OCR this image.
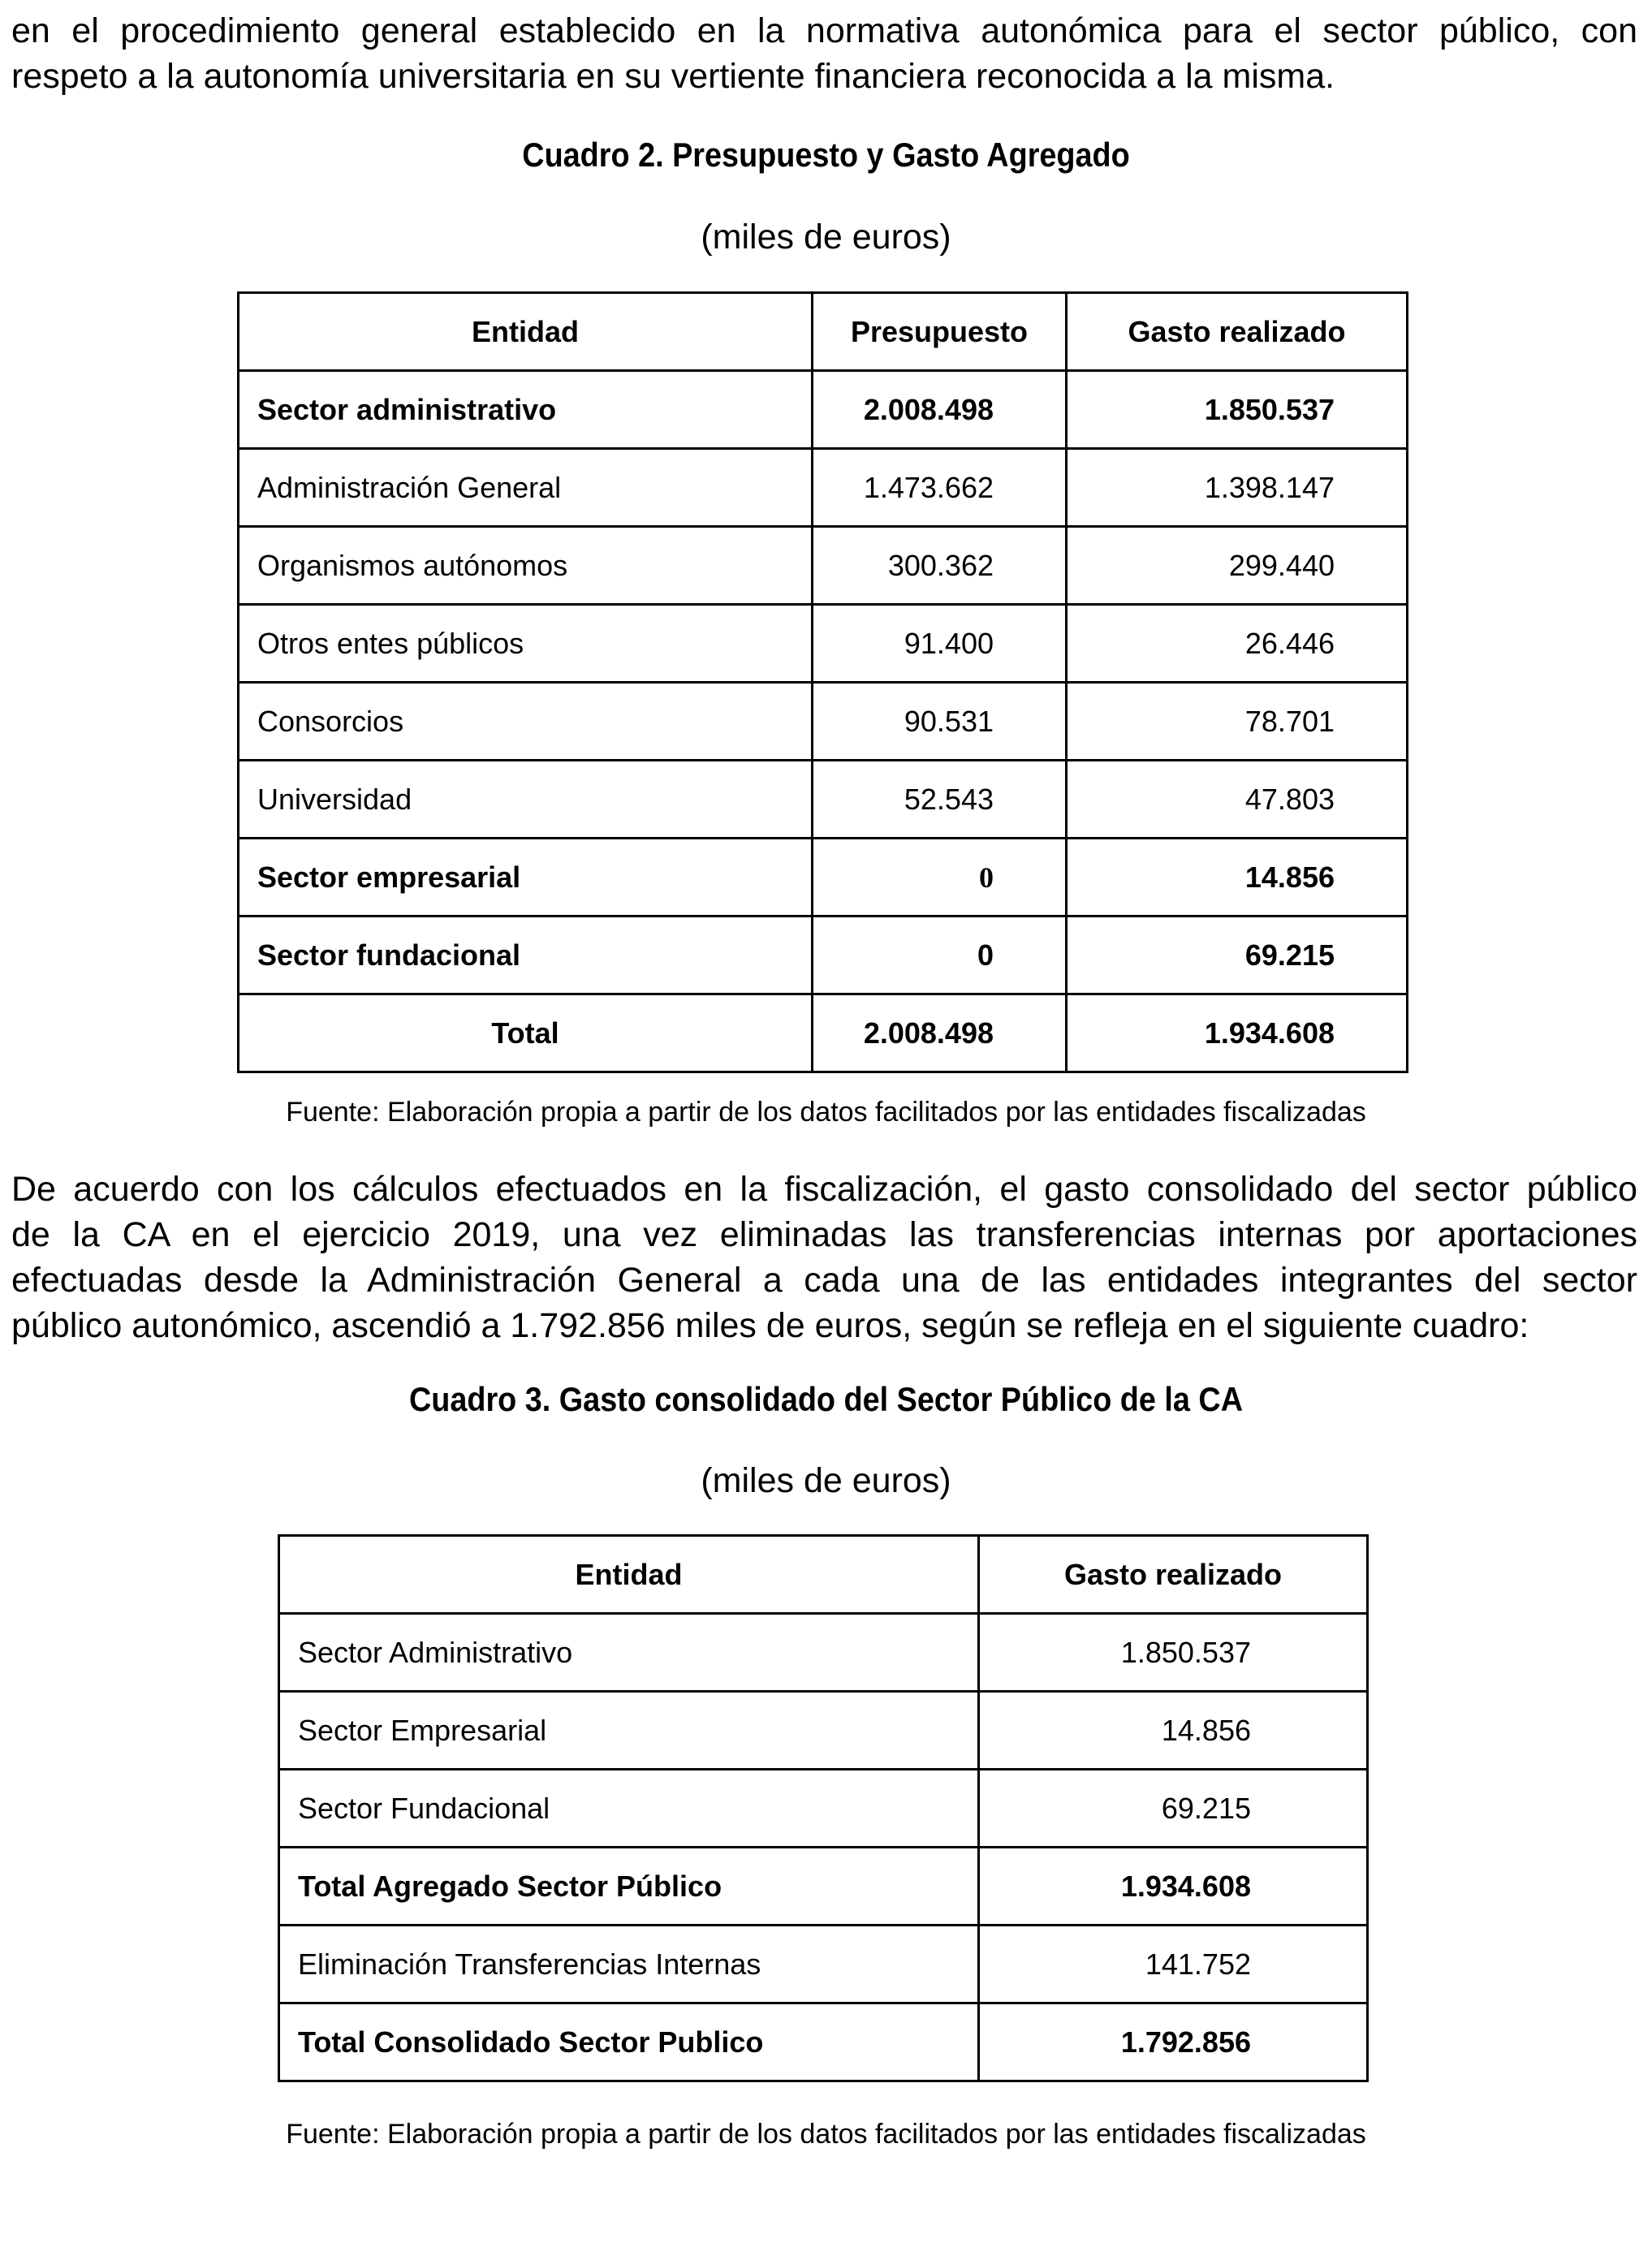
en el procedimiento general establecido en la normativa autonómica para el sector público, con
respeto a la autonomía universitaria en su vertiente financiera reconocida a la misma.

Cuadro 2. Presupuesto y Gasto Agregado

(miles de euros)

Entidad	Presupuesto	Gasto realizado
Sector administrativo	2.008.498	1.850.537
Administración General	1.473.662	1.398.147
Organismos autónomos	300.362	299.440
Otros entes públicos	91.400	26.446
Consorcios	90.531	78.701
Universidad	52.543	47.803
Sector empresarial	0	14.856
Sector fundacional	0	69.215
Total	2.008.498	1.934.608

Fuente: Elaboración propia a partir de los datos facilitados por las entidades fiscalizadas

De acuerdo con los cálculos efectuados en la fiscalización, el gasto consolidado del sector público
de la CA en el ejercicio 2019, una vez eliminadas las transferencias internas por aportaciones
efectuadas desde la Administración General a cada una de las entidades integrantes del sector
público autonómico, ascendió a 1.792.856 miles de euros, según se refleja en el siguiente cuadro:

Cuadro 3. Gasto consolidado del Sector Público de la CA

(miles de euros)

Entidad	Gasto realizado
Sector Administrativo	1.850.537
Sector Empresarial	14.856
Sector Fundacional	69.215
Total Agregado Sector Público	1.934.608
Eliminación Transferencias Internas	141.752
Total Consolidado Sector Publico	1.792.856

Fuente: Elaboración propia a partir de los datos facilitados por las entidades fiscalizadas
